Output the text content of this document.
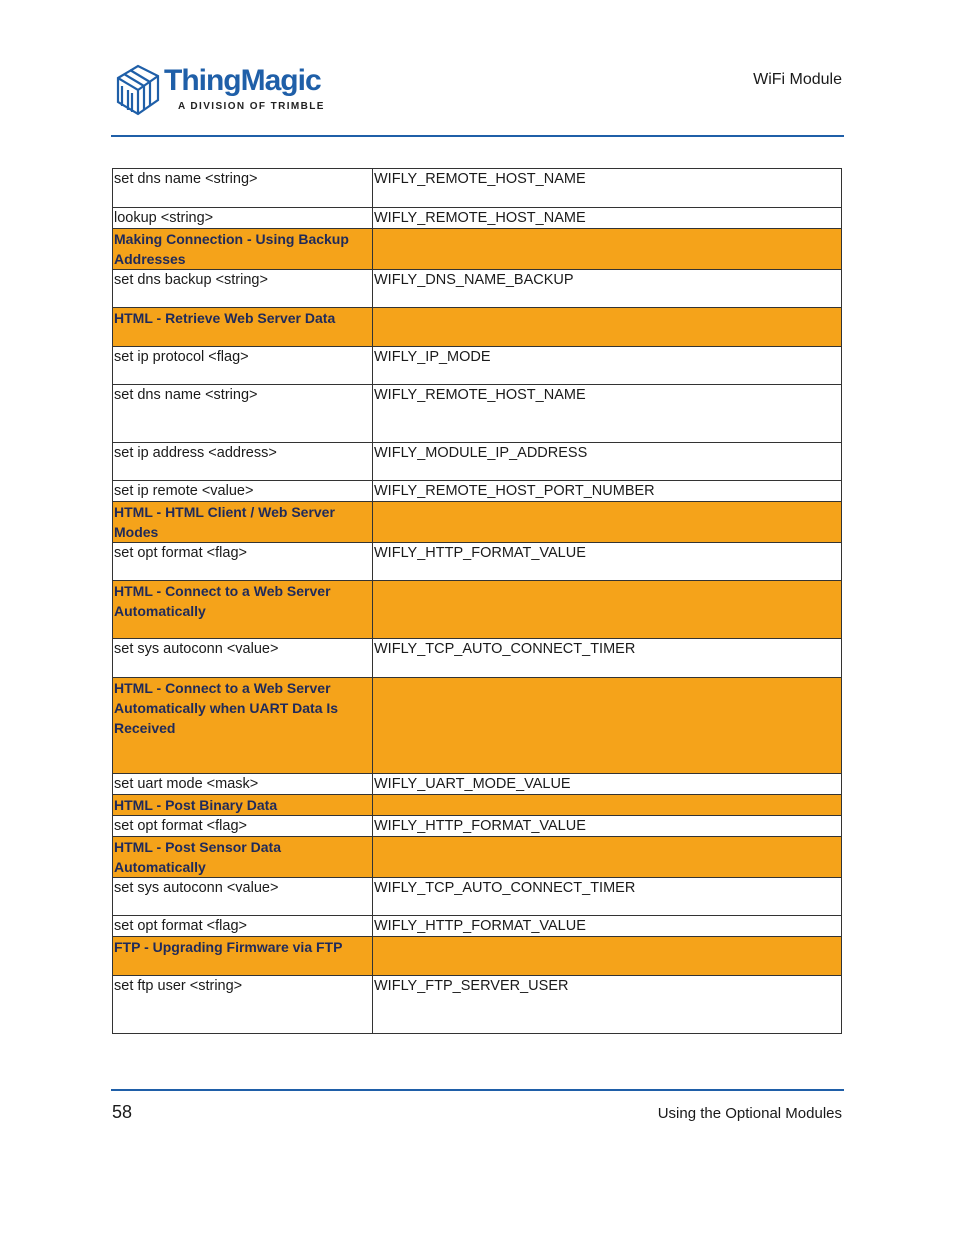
ThingMagic
A DIVISION OF TRIMBLE
WiFi Module
set dns name <string>	WIFLY_REMOTE_HOST_NAME
lookup <string>	WIFLY_REMOTE_HOST_NAME
Making Connection - Using Backup Addresses	
set dns backup <string>	WIFLY_DNS_NAME_BACKUP
HTML - Retrieve Web Server Data	
set ip protocol <flag>	WIFLY_IP_MODE
set dns name <string>	WIFLY_REMOTE_HOST_NAME
set ip address <address>	WIFLY_MODULE_IP_ADDRESS
set ip remote <value>	WIFLY_REMOTE_HOST_PORT_NUMBER
HTML - HTML Client / Web Server Modes	
set opt format <flag>	WIFLY_HTTP_FORMAT_VALUE
HTML - Connect to a Web Server Automatically	
set sys autoconn <value>	WIFLY_TCP_AUTO_CONNECT_TIMER
HTML - Connect to a Web Server Automatically when UART Data Is Received	
set uart mode <mask>	WIFLY_UART_MODE_VALUE
HTML - Post Binary Data	
set opt format <flag>	WIFLY_HTTP_FORMAT_VALUE
HTML - Post Sensor Data Automatically	
set sys autoconn <value>	WIFLY_TCP_AUTO_CONNECT_TIMER
set opt format <flag>	WIFLY_HTTP_FORMAT_VALUE
FTP - Upgrading Firmware via FTP	
set ftp user <string>	WIFLY_FTP_SERVER_USER
58	Using the Optional Modules
